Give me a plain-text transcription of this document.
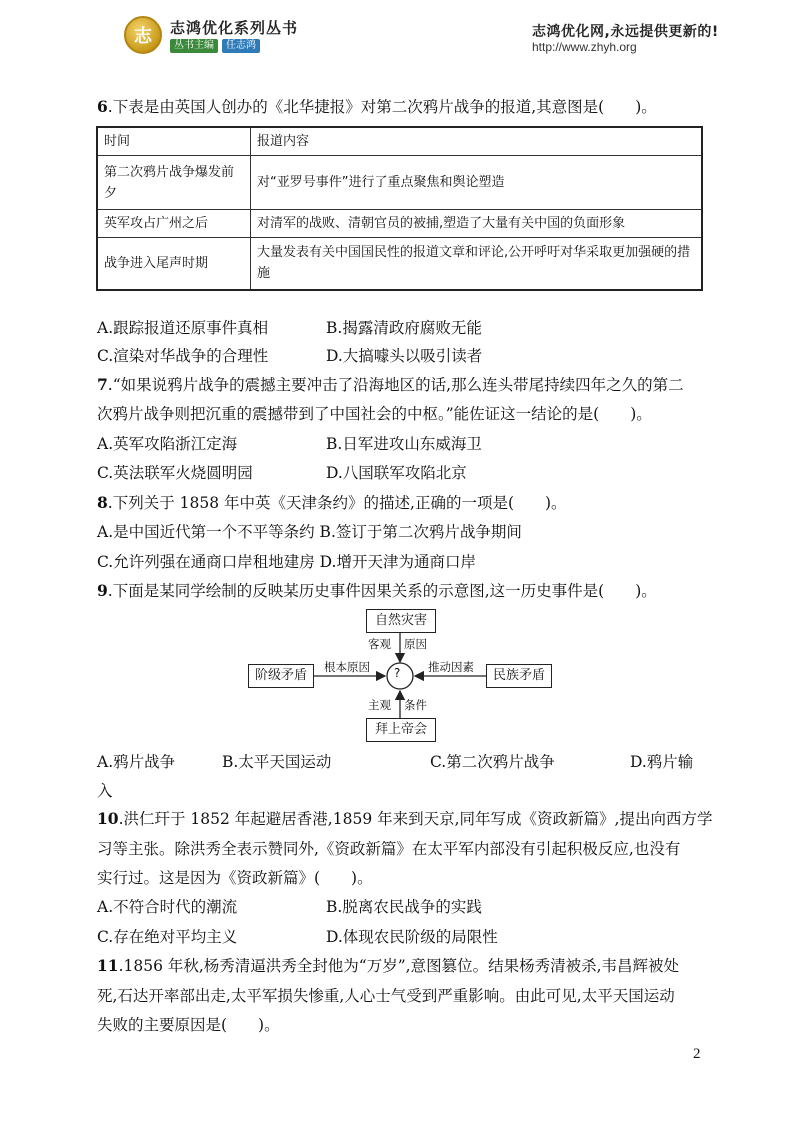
志 志鸿优化系列丛书
丛书主编	任志鸿
志鸿优化网,永远提供更新的!
http://www.zhyh.org
6.下表是由英国人创办的《北华捷报》对第二次鸦片战争的报道,其意图是(　　)。
时间	报道内容
第二次鸦片战争爆发前夕	对“亚罗号事件”进行了重点聚焦和舆论塑造
英军攻占广州之后	对清军的战败、清朝官员的被捕,塑造了大量有关中国的负面形象
战争进入尾声时期	大量发表有关中国国民性的报道文章和评论,公开呼吁对华采取更加强硬的措施
A.跟踪报道还原事件真相	B.揭露清政府腐败无能
C.渲染对华战争的合理性	D.大搞噱头以吸引读者
7.“如果说鸦片战争的震撼主要冲击了沿海地区的话,那么连头带尾持续四年之久的第二
次鸦片战争则把沉重的震撼带到了中国社会的中枢。”能佐证这一结论的是(　　)。
A.英军攻陷浙江定海	B.日军进攻山东威海卫
C.英法联军火烧圆明园	D.八国联军攻陷北京
8.下列关于 1858 年中英《天津条约》的描述,正确的一项是(　　)。
A.是中国近代第一个不平等条约 B.签订于第二次鸦片战争期间
C.允许列强在通商口岸租地建房 D.增开天津为通商口岸
9.下面是某同学绘制的反映某历史事件因果关系的示意图,这一历史事件是(　　)。
?
自然灾害
阶级矛盾	民族矛盾
拜上帝会
客观 原因
根本原因	推动因素
主观 条件
A.鸦片战争	B.太平天国运动	C.第二次鸦片战争	D.鸦片输
入
10.洪仁玕于 1852 年起避居香港,1859 年来到天京,同年写成《资政新篇》,提出向西方学
习等主张。除洪秀全表示赞同外,《资政新篇》在太平军内部没有引起积极反应,也没有
实行过。这是因为《资政新篇》(　　)。
A.不符合时代的潮流	B.脱离农民战争的实践
C.存在绝对平均主义	D.体现农民阶级的局限性
11.1856 年秋,杨秀清逼洪秀全封他为“万岁”,意图篡位。结果杨秀清被杀,韦昌辉被处
死,石达开率部出走,太平军损失惨重,人心士气受到严重影响。由此可见,太平天国运动
失败的主要原因是(　　)。
2
